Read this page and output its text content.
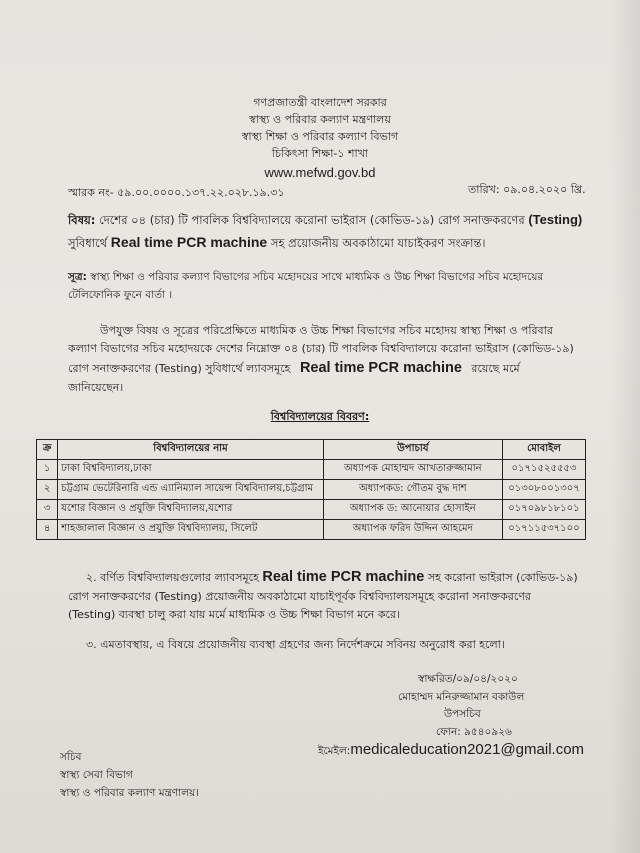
গণপ্রজাতন্ত্রী বাংলাদেশ সরকার
স্বাস্থ্য ও পরিবার কল্যাণ মন্ত্রণালয়
স্বাস্থ্য শিক্ষা ও পরিবার কল্যাণ বিভাগ
চিকিৎসা শিক্ষা-১ শাখা
www.mefwd.gov.bd
স্মারক নং- ৫৯.০০.০০০০.১৩৭.২২.০২৮.১৯.৩১	তারিখ: ০৯.০৪.২০২০ খ্রি.
বিষয়: দেশের ০৪ (চার) টি পাবলিক বিশ্ববিদ্যালয়ে করোনা ভাইরাস (কোভিড-১৯) রোগ সনাক্তকরণের (Testing)
সুবিধার্থে Real time PCR machine সহ প্রয়োজনীয় অবকাঠামো যাচাইকরণ সংক্রান্ত।
সূত্র: স্বাস্থ্য শিক্ষা ও পরিবার কল্যাণ বিভাগের সচিব মহোদয়ের সাথে মাধ্যমিক ও উচ্চ শিক্ষা বিভাগের সচিব মহোদয়ের
টেলিফোনিক ফুনে বার্তা ।
উপযুক্ত বিষয় ও সূত্রের পরিপ্রেক্ষিতে মাধ্যমিক ও উচ্চ শিক্ষা বিভাগের সচিব মহোদয় স্বাস্থ্য শিক্ষা ও পরিবার
কল্যাণ বিভাগের সচিব মহোদয়কে দেশের নিম্নোক্ত ০৪ (চার) টি পাবলিক বিশ্ববিদ্যালয়ে করোনা ভাইরাস (কোভিড-১৯)
রোগ সনাক্তকরণের (Testing) সুবিধার্থে ল্যাবসমূহে Real time PCR machine রয়েছে মর্মে
জানিয়েছেন।
বিশ্ববিদ্যালয়ের বিবরণ:
ক্র	বিশ্ববিদ্যালয়ের নাম	উপাচার্য	মোবাইল
১	ঢাকা বিশ্ববিদ্যালয়,ঢাকা	অধ্যাপক মোহাম্মদ আখতারুজ্জামান	০১৭১৫২৫৫৫৩
২	চট্টগ্রাম ভেটেরিনারি এন্ড এ্যানিম্যাল সায়েন্স বিশ্ববিদ্যালয়,চট্টগ্রাম	অধ্যাপকড: গৌতম বুদ্ধ দাশ	০১৩০৮০০১৩০৭
৩	যশোর বিজ্ঞান ও প্রযুক্তি বিশ্ববিদ্যালয়,যশোর	অধ্যাপক ড: আনোয়ার হোসাইন	০১৭০৯৮১৮১০১
৪	শাহজালাল বিজ্ঞান ও প্রযুক্তি বিশ্ববিদ্যালয়, সিলেট	অধ্যাপক ফরিদ উদ্দিন আহমেদ	০১৭১১৫৩৭১০০
২. বর্ণিত বিশ্ববিদ্যালয়গুলোর ল্যাবসমূহে Real time PCR machine সহ করোনা ভাইরাস (কোভিড-১৯)
রোগ সনাক্তকরণের (Testing) প্রয়োজনীয় অবকাঠামো যাচাইপূর্বক বিশ্ববিদ্যালয়সমূহে করোনা সনাক্তকরণের
(Testing) ব্যবস্থা চালু করা যায় মর্মে মাধ্যমিক ও উচ্চ শিক্ষা বিভাগ মনে করে।
৩. এমতাবস্থায়, এ বিষয়ে প্রয়োজনীয় ব্যবস্থা গ্রহণের জন্য নির্দেশক্রমে সবিনয় অনুরোধ করা হলো।
স্বাক্ষরিত/০৯/০৪/২০২০
মোহাম্মদ মনিরুজ্জামান বকাউল
উপসচিব
ফোন: ৯৫৪০৯২৬
ইমেইল:medicaleducation2021@gmail.com
সচিব
স্বাস্থ্য সেবা বিভাগ
স্বাস্থ্য ও পরিবার কল্যাণ মন্ত্রণালয়।
